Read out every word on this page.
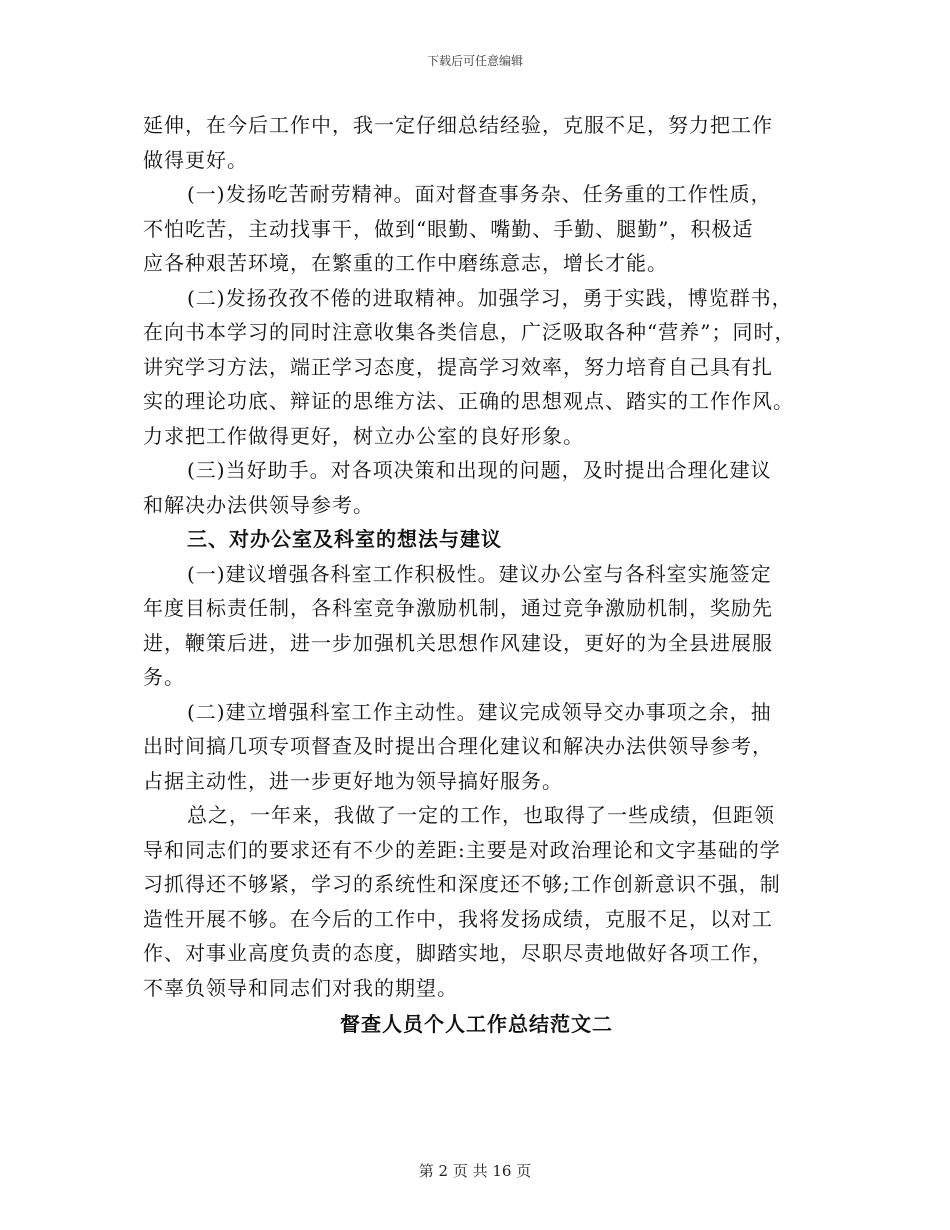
下载后可任意编辑
延伸，在今后工作中，我一定仔细总结经验，克服不足，努力把工作
做得更好。
(一)发扬吃苦耐劳精神。面对督查事务杂、任务重的工作性质，
不怕吃苦，主动找事干，做到“眼勤、嘴勤、手勤、腿勤”，积极适
应各种艰苦环境，在繁重的工作中磨练意志，增长才能。
(二)发扬孜孜不倦的进取精神。加强学习，勇于实践，博览群书，
在向书本学习的同时注意收集各类信息，广泛吸取各种“营养”；同时，
讲究学习方法，端正学习态度，提高学习效率，努力培育自己具有扎
实的理论功底、辩证的思维方法、正确的思想观点、踏实的工作作风。
力求把工作做得更好，树立办公室的良好形象。
(三)当好助手。对各项决策和出现的问题，及时提出合理化建议
和解决办法供领导参考。
三、对办公室及科室的想法与建议
(一)建议增强各科室工作积极性。建议办公室与各科室实施签定
年度目标责任制，各科室竞争激励机制，通过竞争激励机制，奖励先
进，鞭策后进，进一步加强机关思想作风建设，更好的为全县进展服
务。
(二)建立增强科室工作主动性。建议完成领导交办事项之余，抽
出时间搞几项专项督查及时提出合理化建议和解决办法供领导参考，
占据主动性，进一步更好地为领导搞好服务。
总之，一年来，我做了一定的工作，也取得了一些成绩，但距领
导和同志们的要求还有不少的差距:主要是对政治理论和文字基础的学
习抓得还不够紧，学习的系统性和深度还不够;工作创新意识不强，制
造性开展不够。在今后的工作中，我将发扬成绩，克服不足，以对工
作、对事业高度负责的态度，脚踏实地，尽职尽责地做好各项工作，
不辜负领导和同志们对我的期望。
督查人员个人工作总结范文二
第 2 页 共 16 页
